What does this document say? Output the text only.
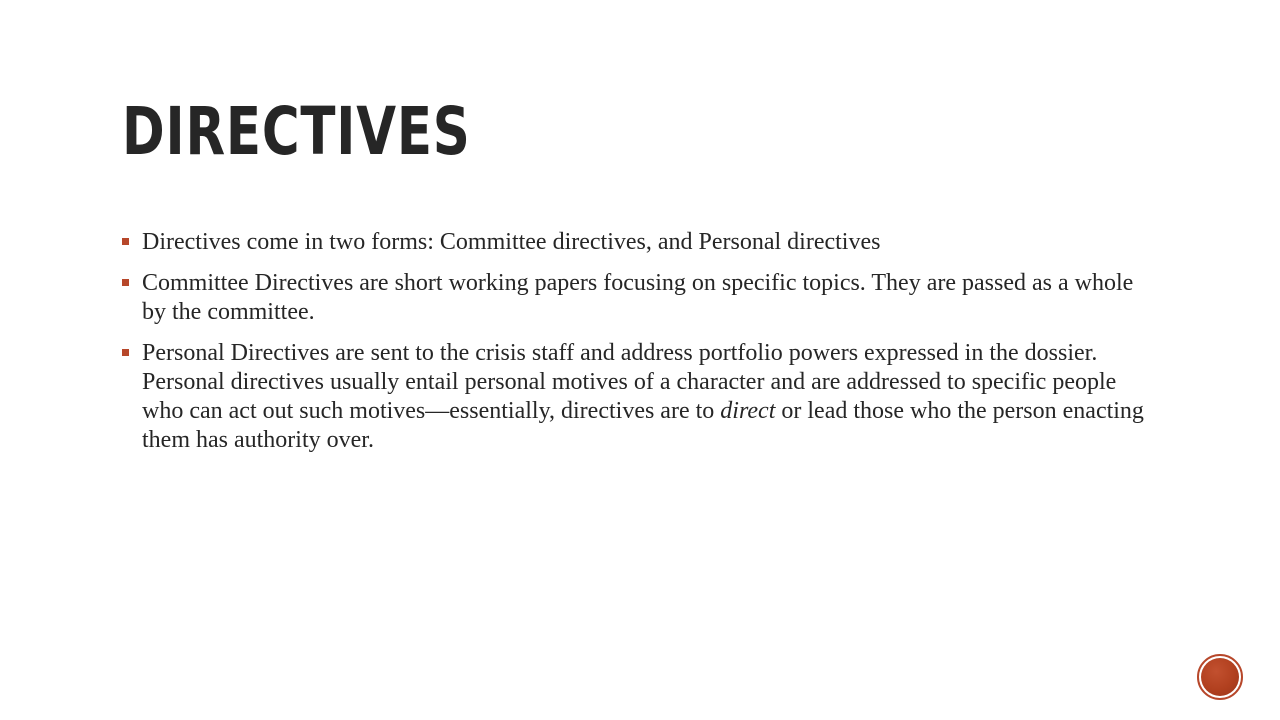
DIRECTIVES
Directives come in two forms: Committee directives, and Personal directives
Committee Directives are short working papers focusing on specific topics. They are passed as a whole by the committee.
Personal Directives are sent to the crisis staff and address portfolio powers expressed in the dossier. Personal directives usually entail personal motives of a character and are addressed to specific people who can act out such motives—essentially, directives are to direct or lead those who the person enacting them has authority over.
